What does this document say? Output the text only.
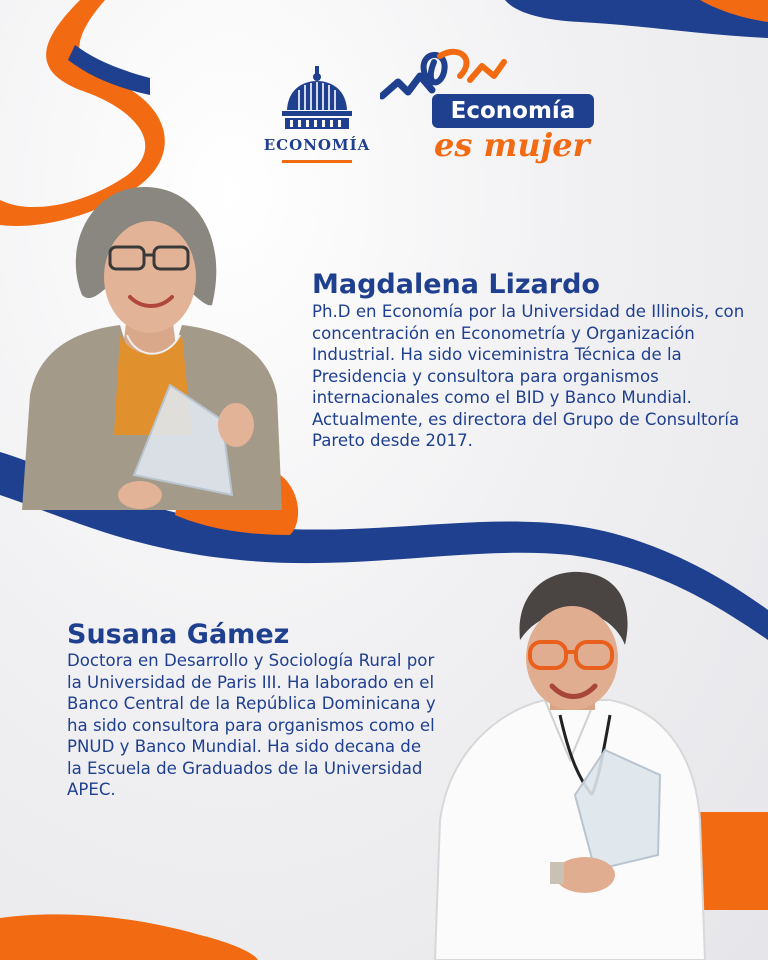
ECONOMÍA
Economía
es mujer
Magdalena Lizardo

Ph.D en Economía por la Universidad de Illinois, con concentración en Econometría y Organización Industrial. Ha sido viceministra Técnica de la Presidencia y consultora para organismos internacionales como el BID y Banco Mundial. Actualmente, es directora del Grupo de Consultoría Pareto desde 2017.

Susana Gámez

Doctora en Desarrollo y Sociología Rural por la Universidad de Paris III. Ha laborado en el Banco Central de la República Dominicana y ha sido consultora para organismos como el PNUD y Banco Mundial. Ha sido decana de la Escuela de Graduados de la Universidad APEC.
